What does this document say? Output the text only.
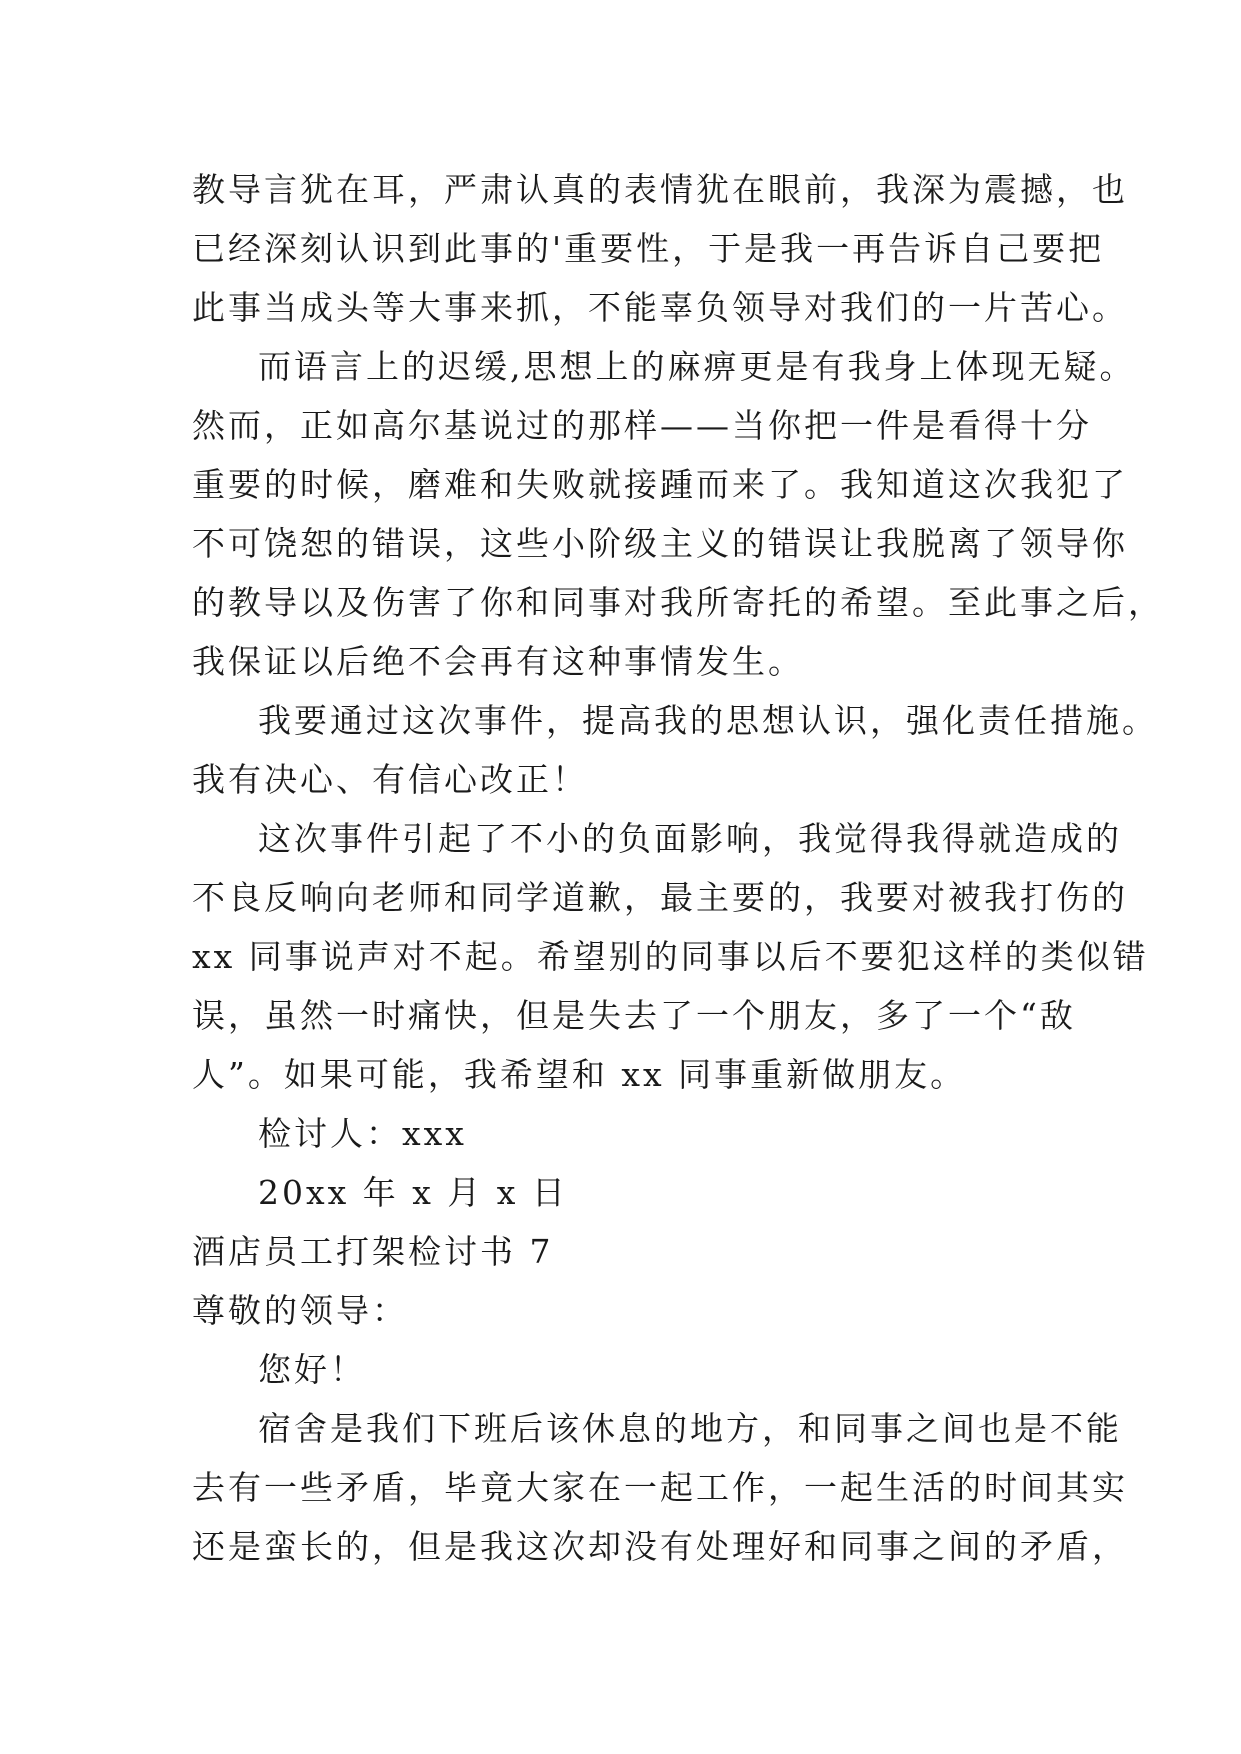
教导言犹在耳，严肃认真的表情犹在眼前，我深为震撼，也
已经深刻认识到此事的'重要性，于是我一再告诉自己要把
此事当成头等大事来抓，不能辜负领导对我们的一片苦心。
而语言上的迟缓,思想上的麻痹更是有我身上体现无疑。
然而，正如高尔基说过的那样——当你把一件是看得十分
重要的时候，磨难和失败就接踵而来了。我知道这次我犯了
不可饶恕的错误，这些小阶级主义的错误让我脱离了领导你
的教导以及伤害了你和同事对我所寄托的希望。至此事之后，
我保证以后绝不会再有这种事情发生。
我要通过这次事件，提高我的思想认识，强化责任措施。
我有决心、有信心改正！
这次事件引起了不小的负面影响，我觉得我得就造成的
不良反响向老师和同学道歉，最主要的，我要对被我打伤的
xx 同事说声对不起。希望别的同事以后不要犯这样的类似错
误，虽然一时痛快，但是失去了一个朋友，多了一个“敌
人”。如果可能，我希望和 xx 同事重新做朋友。
检讨人：xxx
20xx 年 x 月 x 日
酒店员工打架检讨书 7
尊敬的领导：
您好！
宿舍是我们下班后该休息的地方，和同事之间也是不能
去有一些矛盾，毕竟大家在一起工作，一起生活的时间其实
还是蛮长的，但是我这次却没有处理好和同事之间的矛盾，
